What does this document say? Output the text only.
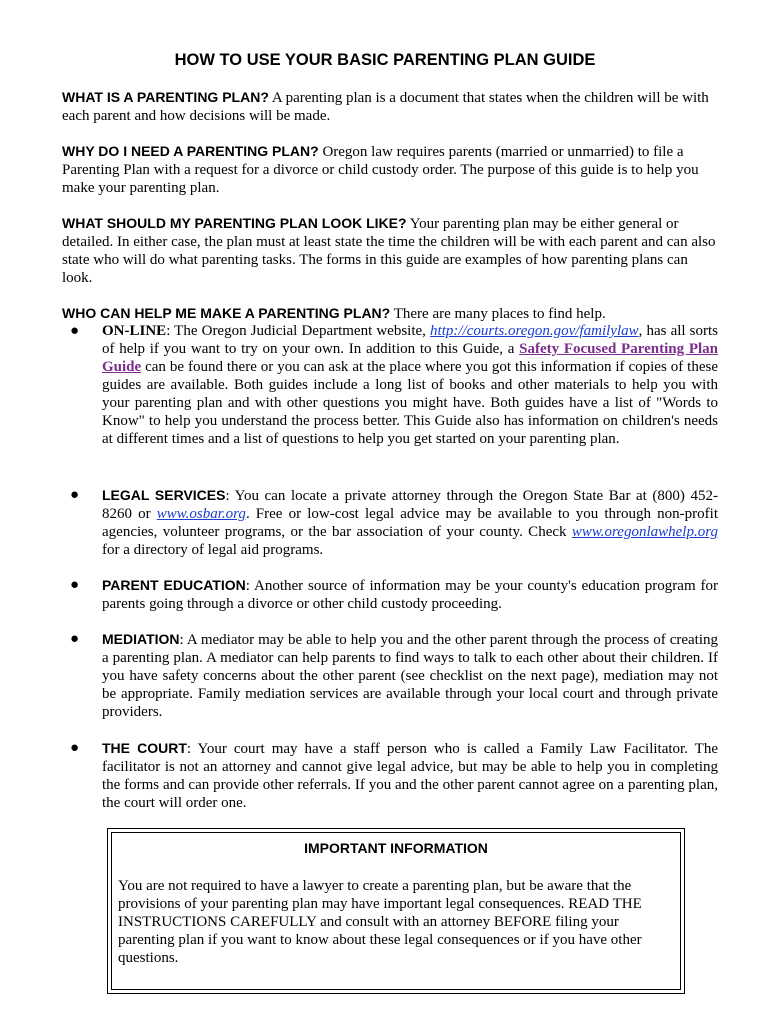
HOW TO USE YOUR BASIC PARENTING PLAN GUIDE
WHAT IS A PARENTING PLAN? A parenting plan is a document that states when the children will be with each parent and how decisions will be made.
WHY DO I NEED A PARENTING PLAN? Oregon law requires parents (married or unmarried) to file a Parenting Plan with a request for a divorce or child custody order. The purpose of this guide is to help you make your parenting plan.
WHAT SHOULD MY PARENTING PLAN LOOK LIKE? Your parenting plan may be either general or detailed. In either case, the plan must at least state the time the children will be with each parent and can also state who will do what parenting tasks. The forms in this guide are examples of how parenting plans can look.
WHO CAN HELP ME MAKE A PARENTING PLAN? There are many places to find help.
● ON-LINE: The Oregon Judicial Department website, http://courts.oregon.gov/familylaw, has all sorts of help if you want to try on your own. In addition to this Guide, a Safety Focused Parenting Plan Guide can be found there or you can ask at the place where you got this information if copies of these guides are available. Both guides include a long list of books and other materials to help you with your parenting plan and with other questions you might have. Both guides have a list of "Words to Know" to help you understand the process better. This Guide also has information on children's needs at different times and a list of questions to help you get started on your parenting plan.
● LEGAL SERVICES: You can locate a private attorney through the Oregon State Bar at (800) 452-8260 or www.osbar.org. Free or low-cost legal advice may be available to you through non-profit agencies, volunteer programs, or the bar association of your county. Check www.oregonlawhelp.org for a directory of legal aid programs.
● PARENT EDUCATION: Another source of information may be your county's education program for parents going through a divorce or other child custody proceeding.
● MEDIATION: A mediator may be able to help you and the other parent through the process of creating a parenting plan. A mediator can help parents to find ways to talk to each other about their children. If you have safety concerns about the other parent (see checklist on the next page), mediation may not be appropriate. Family mediation services are available through your local court and through private providers.
● THE COURT: Your court may have a staff person who is called a Family Law Facilitator. The facilitator is not an attorney and cannot give legal advice, but may be able to help you in completing the forms and can provide other referrals. If you and the other parent cannot agree on a parenting plan, the court will order one.
IMPORTANT INFORMATION
You are not required to have a lawyer to create a parenting plan, but be aware that the provisions of your parenting plan may have important legal consequences. READ THE INSTRUCTIONS CAREFULLY and consult with an attorney BEFORE filing your parenting plan if you want to know about these legal consequences or if you have other questions.
